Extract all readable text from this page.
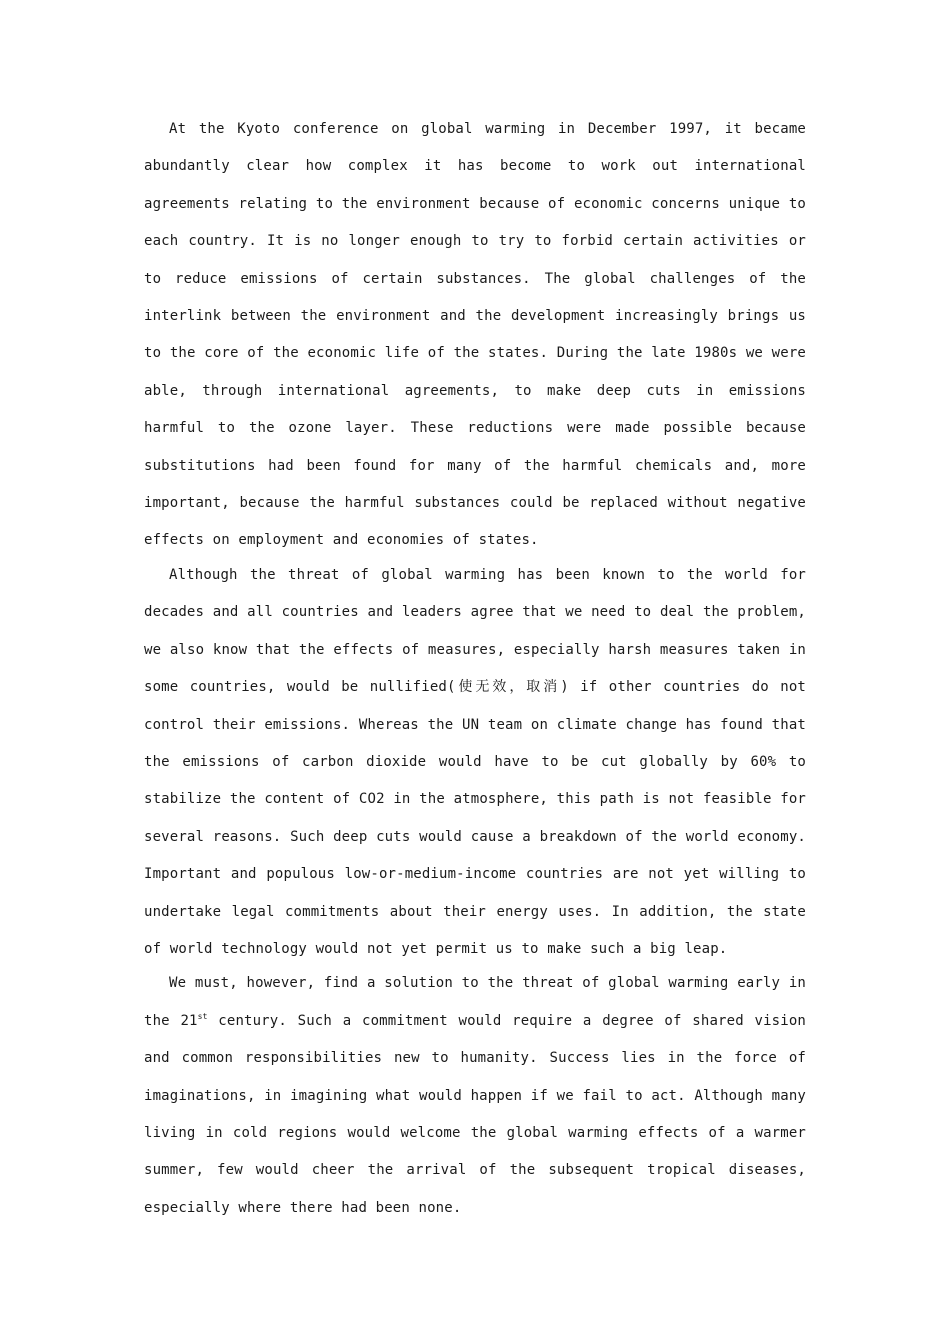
At the Kyoto conference on global warming in December 1997, it became abundantly clear how complex it has become to work out international agreements relating to the environment because of economic concerns unique to each country. It is no longer enough to try to forbid certain activities or to reduce emissions of certain substances. The global challenges of the interlink between the environment and the development increasingly brings us to the core of the economic life of the states. During the late 1980s we were able, through international agreements, to make deep cuts in emissions harmful to the ozone layer. These reductions were made possible because substitutions had been found for many of the harmful chemicals and, more important, because the harmful substances could be replaced without negative effects on employment and economies of states.

Although the threat of global warming has been known to the world for decades and all countries and leaders agree that we need to deal the problem, we also know that the effects of measures, especially harsh measures taken in some countries, would be nullified(使无效，取消) if other countries do not control their emissions. Whereas the UN team on climate change has found that the emissions of carbon dioxide would have to be cut globally by 60% to stabilize the content of CO2 in the atmosphere, this path is not feasible for several reasons. Such deep cuts would cause a breakdown of the world economy. Important and populous low-or-medium-income countries are not yet willing to undertake legal commitments about their energy uses. In addition, the state of world technology would not yet permit us to make such a big leap.

We must, however, find a solution to the threat of global warming early in the 21st century. Such a commitment would require a degree of shared vision and common responsibilities new to humanity. Success lies in the force of imaginations, in imagining what would happen if we fail to act. Although many living in cold regions would welcome the global warming effects of a warmer summer, few would cheer the arrival of the subsequent tropical diseases, especially where there had been none.
